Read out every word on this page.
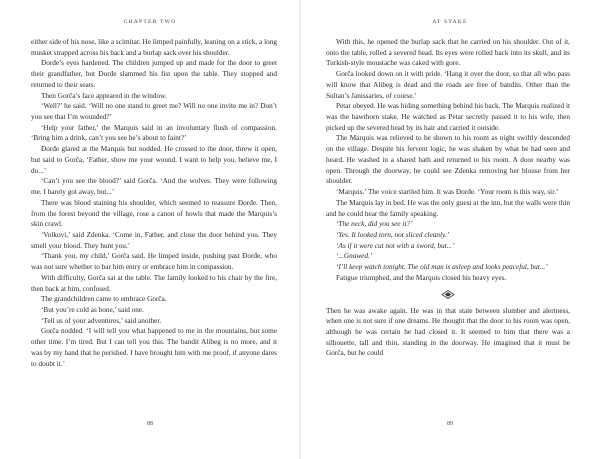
CHAPTER TWO

either side of his nose, like a scimitar. He limped painfully, leaning on a stick, a long musket strapped across his back and a burlap sack over his shoulder.

Đorđe’s eyes hardened. The children jumped up and made for the door to greet their grandfather, but Đorđe slammed his fist upon the table. They stopped and returned to their seats.

Then Gorča’s face appeared in the window.

‘Well?’ he said. ‘Will no one stand to greet me? Will no one invite me in? Don’t you see that I’m wounded?’

‘Help your father,’ the Marquis said in an involuntary flush of compassion. ‘Bring him a drink, can’t you see he’s about to faint?’

Đorđe glared at the Marquis but nodded. He crossed to the door, threw it open, but said to Gorča, ‘Father, show me your wound. I want to help you, believe me, I do...’

‘Can’t you see the blood?’ said Gorča. ‘And the wolves. They were following me. I barely got away, but...’

There was blood staining his shoulder, which seemed to reassure Đorđe. Then, from the forest beyond the village, rose a canon of howls that made the Marquis’s skin crawl.

‘Volkovi,’ said Zdenka. ‘Come in, Father, and close the door behind you. They smell your blood. They hunt you.’

‘Thank you, my child,’ Gorča said. He limped inside, pushing past Đorđe, who was not sure whether to bar him entry or embrace him in compassion.

With difficulty, Gorča sat at the table. The family looked to his chair by the fire, then back at him, confused.

The grandchildren came to embrace Gorča.

‘But you’re cold as bone,’ said one.

‘Tell us of your adventures,’ said another.

Gorča nodded. ‘I will tell you what happened to me in the mountains, but some other time. I’m tired. But I can tell you this. The bandit Alibeg is no more, and it was by my hand that he perished. I have brought him with me proof, if anyone dares to doubt it.’

88
AT STAKE

With this, he opened the burlap sack that he carried on his shoulder. Out of it, onto the table, rolled a severed head. Its eyes were rolled back into its skull, and its Turkish-style moustache was caked with gore.

Gorča looked down on it with pride. ‘Hang it over the door, so that all who pass will know that Alibeg is dead and the roads are free of bandits. Other than the Sultan’s Janissaries, of course.’

Petar obeyed. He was hiding something behind his back. The Marquis realized it was the hawthorn stake. He watched as Petar secretly passed it to his wife, then picked up the severed head by its hair and carried it outside.

The Marquis was relieved to be shown to his room as night swiftly descended on the village. Despite his fervent logic, he was shaken by what he had seen and heard. He washed in a shared bath and returned to his room. A door nearby was open. Through the doorway, he could see Zdenka removing her blouse from her shoulder.

‘Marquis.’ The voice startled him. It was Đorđe. ‘Your room is this way, sir.’

The Marquis lay in bed. He was the only guest at the inn, but the walls were thin and he could hear the family speaking.

‘The neck, did you see it?’

‘Yes. It looked torn, not sliced cleanly.’

‘As if it were cut not with a sword, but...’

‘...Gnawed.’

‘I’ll keep watch tonight. The old man is asleep and looks peaceful, but...’

Fatigue triumphed, and the Marquis closed his heavy eyes.

Then he was awake again. He was in that state between slumber and alertness, when one is not sure if one dreams. He thought that the door to his room was open, although he was certain he had closed it. It seemed to him that there was a silhouette, tall and thin, standing in the doorway. He imagined that it must be Gorča, but he could

89
